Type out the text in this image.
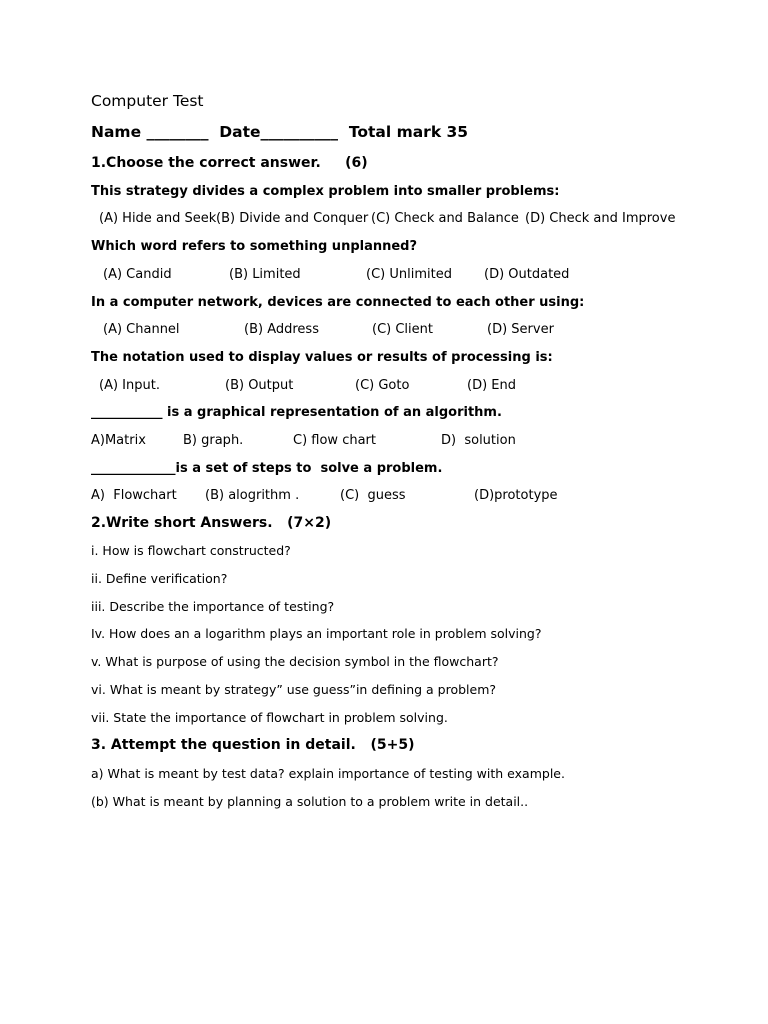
Computer Test
Name ________  Date__________  Total mark 35
1.Choose the correct answer.     (6)
This strategy divides a complex problem into smaller problems:
(A) Hide and Seek (B) Divide and Conquer (C) Check and Balance (D) Check and Improve
Which word refers to something unplanned?
(A) Candid	(B) Limited	(C) Unlimited (D) Outdated
In a computer network, devices are connected to each other using:
(A) Channel	(B) Address	(C) Client	(D) Server
The notation used to display values or results of processing is:
(A) Input.	(B) Output	(C) Goto	(D) End
___________ is a graphical representation of an algorithm.
A)Matrix	B) graph.	C) flow chart	D)  solution
_____________is a set of steps to  solve a problem.
A)  Flowchart (B) alogrithm .	(C)  guess	(D)prototype
2.Write short Answers.   (7×2)
i. How is flowchart constructed?
ii. Define verification?
iii. Describe the importance of testing?
Iv. How does an a logarithm plays an important role in problem solving?
v. What is purpose of using the decision symbol in the flowchart?
vi. What is meant by strategy” use guess”in defining a problem?
vii. State the importance of flowchart in problem solving.
3. Attempt the question in detail.   (5+5)
a) What is meant by test data? explain importance of testing with example.
(b) What is meant by planning a solution to a problem write in detail..
